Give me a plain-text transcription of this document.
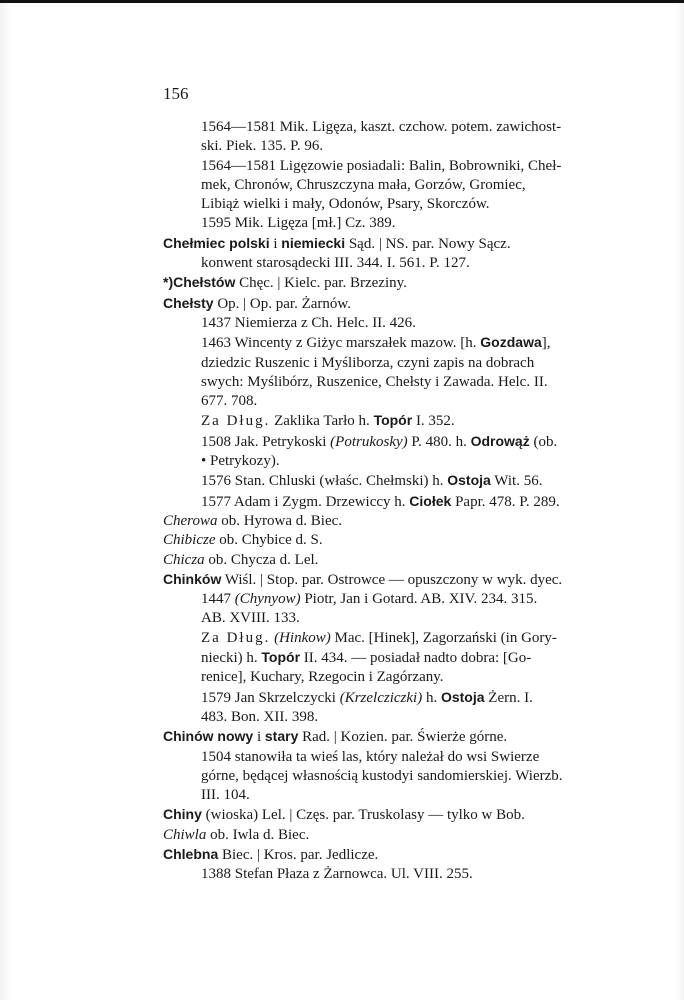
156
1564—1581 Mik. Ligęza, kaszt. czchow. potem. zawichost-
ski. Piek. 135. P. 96.
1564—1581 Ligęzowie posiadali: Balin, Bobrowniki, Cheł-
mek, Chronów, Chruszczyna mała, Gorzów, Gromiec,
Libiąż wielki i mały, Odonów, Psary, Skorczów.
1595 Mik. Ligęza [mł.] Cz. 389.
Chełmiec polski i niemiecki Sąd. | NS. par. Nowy Sącz.
konwent starosądecki III. 344. I. 561. P. 127.
*)Chełstów Chęc. | Kielc. par. Brzeziny.
Chełsty Op. | Op. par. Żarnów.
1437 Niemierza z Ch. Helc. II. 426.
1463 Wincenty z Giżyc marszałek mazow. [h. Gozdawa],
dziedzic Ruszenic i Myśliborza, czyni zapis na dobrach
swych: Myślibórz, Ruszenice, Chełsty i Zawada. Helc. II.
677. 708.
Za Dług. Zaklika Tarło h. Topór I. 352.
1508 Jak. Petrykoski (Potrukosky) P. 480. h. Odrowąż (ob.
• Petrykozy).
1576 Stan. Chluski (właśc. Chełmski) h. Ostoja Wit. 56.
1577 Adam i Zygm. Drzewiccy h. Ciołek Papr. 478. P. 289.
Cherowa ob. Hyrowa d. Biec.
Chibicze ob. Chybice d. S.
Chicza ob. Chycza d. Lel.
Chinków Wiśl. | Stop. par. Ostrowce — opuszczony w wyk. dyec.
1447 (Chynyow) Piotr, Jan i Gotard. AB. XIV. 234. 315.
AB. XVIII. 133.
Za Dług. (Hinkow) Mac. [Hinek], Zagorzański (in Gory-
niecki) h. Topór II. 434. — posiadał nadto dobra: [Go-
renice], Kuchary, Rzegocin i Zagórzany.
1579 Jan Skrzelczycki (Krzelcziczki) h. Ostoja Żern. I.
483. Bon. XII. 398.
Chinów nowy i stary Rad. | Kozien. par. Świerże górne.
1504 stanowiła ta wieś las, który należał do wsi Swierze
górne, będącej własnością kustodyi sandomierskiej. Wierzb.
III. 104.
Chiny (wioska) Lel. | Częs. par. Truskolasy — tylko w Bob.
Chiwla ob. Iwla d. Biec.
Chlebna Biec. | Kros. par. Jedlicze.
1388 Stefan Płaza z Żarnowca. Ul. VIII. 255.
